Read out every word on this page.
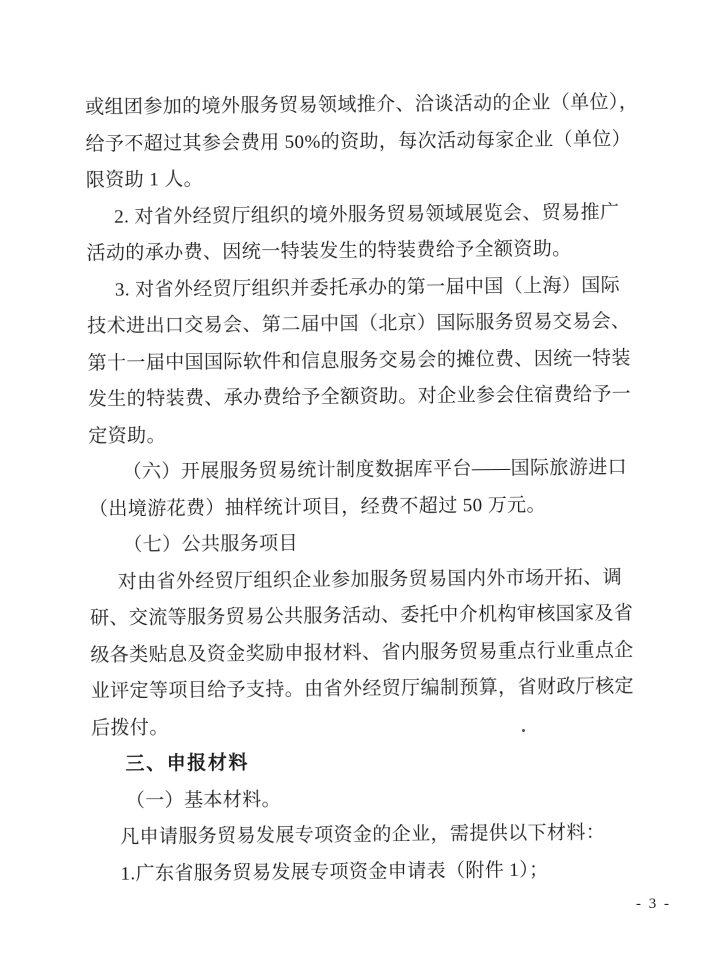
或组团参加的境外服务贸易领域推介、洽谈活动的企业（单位），
给予不超过其参会费用 50%的资助，每次活动每家企业（单位）
限资助 1 人。
2. 对省外经贸厅组织的境外服务贸易领域展览会、贸易推广
活动的承办费、因统一特装发生的特装费给予全额资助。
3. 对省外经贸厅组织并委托承办的第一届中国（上海）国际
技术进出口交易会、第二届中国（北京）国际服务贸易交易会、
第十一届中国国际软件和信息服务交易会的摊位费、因统一特装
发生的特装费、承办费给予全额资助。对企业参会住宿费给予一
定资助。
（六）开展服务贸易统计制度数据库平台——国际旅游进口
（出境游花费）抽样统计项目，经费不超过 50 万元。
（七）公共服务项目
对由省外经贸厅组织企业参加服务贸易国内外市场开拓、调
研、交流等服务贸易公共服务活动、委托中介机构审核国家及省
级各类贴息及资金奖励申报材料、省内服务贸易重点行业重点企
业评定等项目给予支持。由省外经贸厅编制预算，省财政厅核定
后拨付。
三、申报材料
（一）基本材料。
凡申请服务贸易发展专项资金的企业，需提供以下材料：
1.广东省服务贸易发展专项资金申请表（附件 1）；
- 3 -
